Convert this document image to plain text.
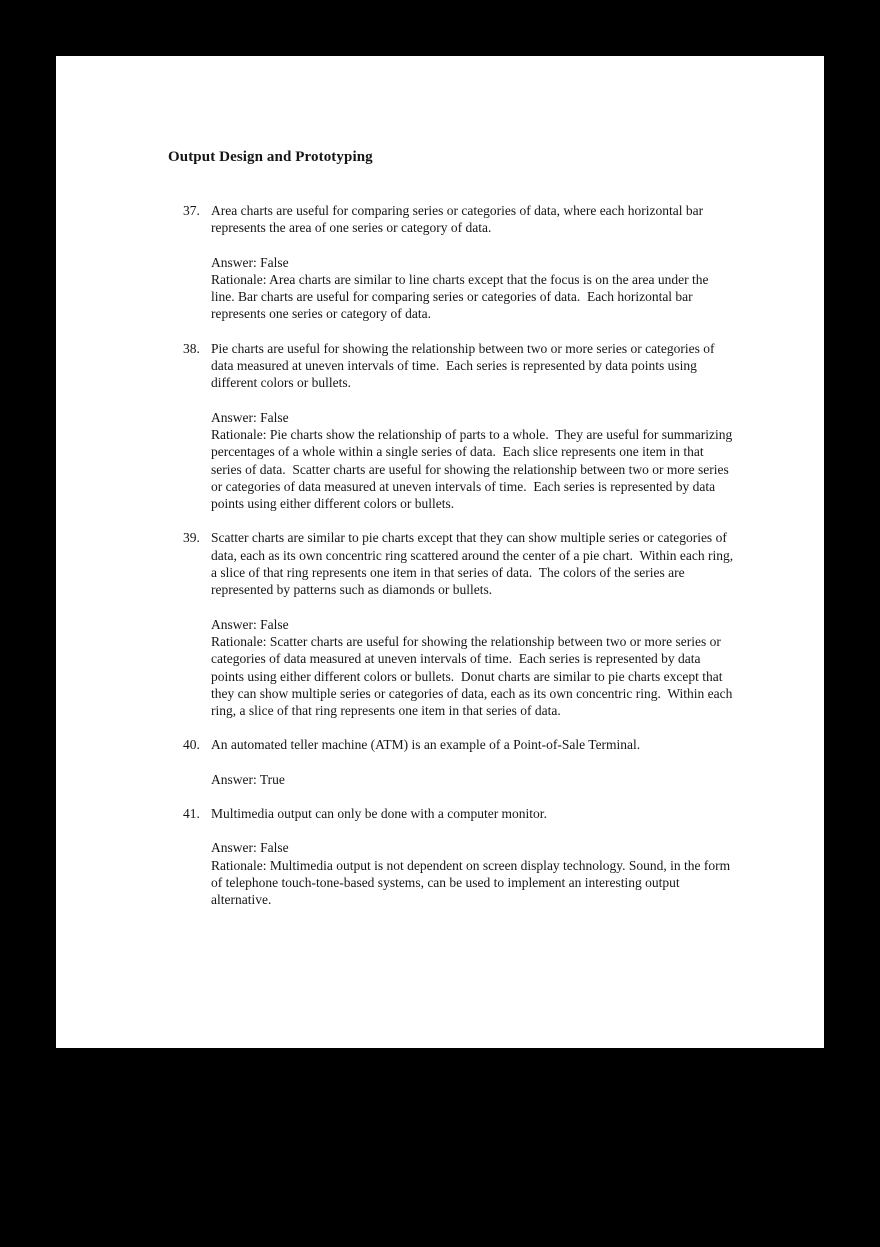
Output Design and Prototyping
37. Area charts are useful for comparing series or categories of data, where each horizontal bar represents the area of one series or category of data.

Answer: False

Rationale: Area charts are similar to line charts except that the focus is on the area under the line. Bar charts are useful for comparing series or categories of data.  Each horizontal bar represents one series or category of data.

38. Pie charts are useful for showing the relationship between two or more series or categories of data measured at uneven intervals of time.  Each series is represented by data points using different colors or bullets.

Answer: False

Rationale: Pie charts show the relationship of parts to a whole.  They are useful for summarizing percentages of a whole within a single series of data.  Each slice represents one item in that series of data.  Scatter charts are useful for showing the relationship between two or more series or categories of data measured at uneven intervals of time.  Each series is represented by data points using either different colors or bullets.

39. Scatter charts are similar to pie charts except that they can show multiple series or categories of data, each as its own concentric ring scattered around the center of a pie chart.  Within each ring, a slice of that ring represents one item in that series of data.  The colors of the series are represented by patterns such as diamonds or bullets.

Answer: False

Rationale: Scatter charts are useful for showing the relationship between two or more series or categories of data measured at uneven intervals of time.  Each series is represented by data points using either different colors or bullets.  Donut charts are similar to pie charts except that they can show multiple series or categories of data, each as its own concentric ring.  Within each ring, a slice of that ring represents one item in that series of data.

40. An automated teller machine (ATM) is an example of a Point-of-Sale Terminal.

Answer: True

41. Multimedia output can only be done with a computer monitor.

Answer: False

Rationale: Multimedia output is not dependent on screen display technology. Sound, in the form of telephone touch-tone-based systems, can be used to implement an interesting output alternative.
